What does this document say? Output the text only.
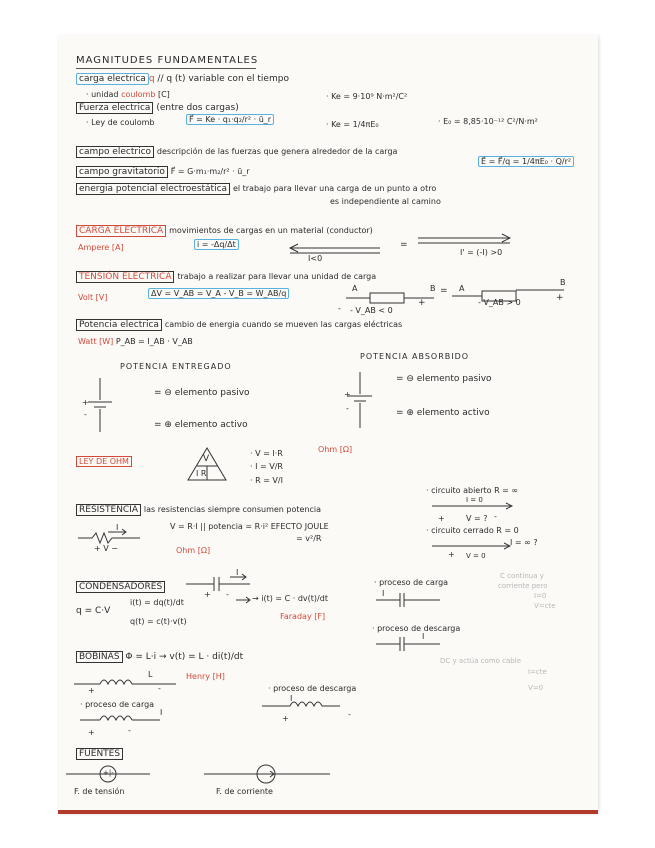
MAGNITUDES FUNDAMENTALES
carga electrica q // q (t) variable con el tiempo
· unidad coulomb [C]	· Ke = 9·10⁹ N·m²/C²
Fuerza electrica (entre dos cargas)
· Ley de coulomb	F⃗ = Ke · q₁·q₂/r² · ū_r
· Ke = 1/4πE₀	· E₀ = 8,85·10⁻¹² C²/N·m²
campo electrico descripción de las fuerzas que genera alrededor de la carga
E⃗ = F⃗/q = 1/4πE₀ · Q/r²
campo gravitatorio F⃗ = G·m₁·m₂/r² · ū_r
energia potencial electroestática el trabajo para llevar una carga de un punto a otro
es independiente al camino
CARGA ELECTRICA movimientos de cargas en un material (conductor)
Ampere [A]	i = -Δq/Δt
I<0
=
I' = (-I) >0
TENSIÓN ELECTRICA trabajo a realizar para llevar una unidad de carga
Volt [V]	ΔV = V_AB = V_A - V_B = W_AB/q
A	B = A
B
-
+
- V_AB < 0
- V_AB > 0	+
Potencia electrica cambio de energia cuando se mueven las cargas eléctricas
Watt [W] P_AB = I_AB · V_AB
POTENCIA ENTREGADO
POTENCIA ABSORBIDO
= ⊖ elemento pasivo
= ⊕ elemento activo
= ⊖ elemento pasivo
= ⊕ elemento activo
+
-
+
-
LEY DE OHM	V
I R
· V = I·R
· I = V/R
· R = V/I
Ohm [Ω]
RESISTENCIA las resistencias siempre consumen potencia
V = R·I || potencia = R·i² EFECTO JOULE
= v²/R
Ohm [Ω]
+ V −
I
· circuito abierto R = ∞
I = 0
+	V = ? -
· circuito cerrado R = 0
I = ∞ ?
+ V = 0
CONDENSADORES
q = C·V
i(t) = dq(t)/dt	→ i(t) = C · dv(t)/dt
q(t) = c(t)·v(t)
Faraday [F]
· proceso de carga
· proceso de descarga
C continua y
corriente pero
I=0
V=cte
I
I
I
+ -
BOBINAS Φ = L·i → v(t) = L · di(t)/dt
Henry [H]
· proceso de carga
· proceso de descarga
DC y actúa como cable
I=cte
V=0
L
I
I
+	-
+	-
+	-
FUENTES
F. de tensión	F. de corriente
+|-
